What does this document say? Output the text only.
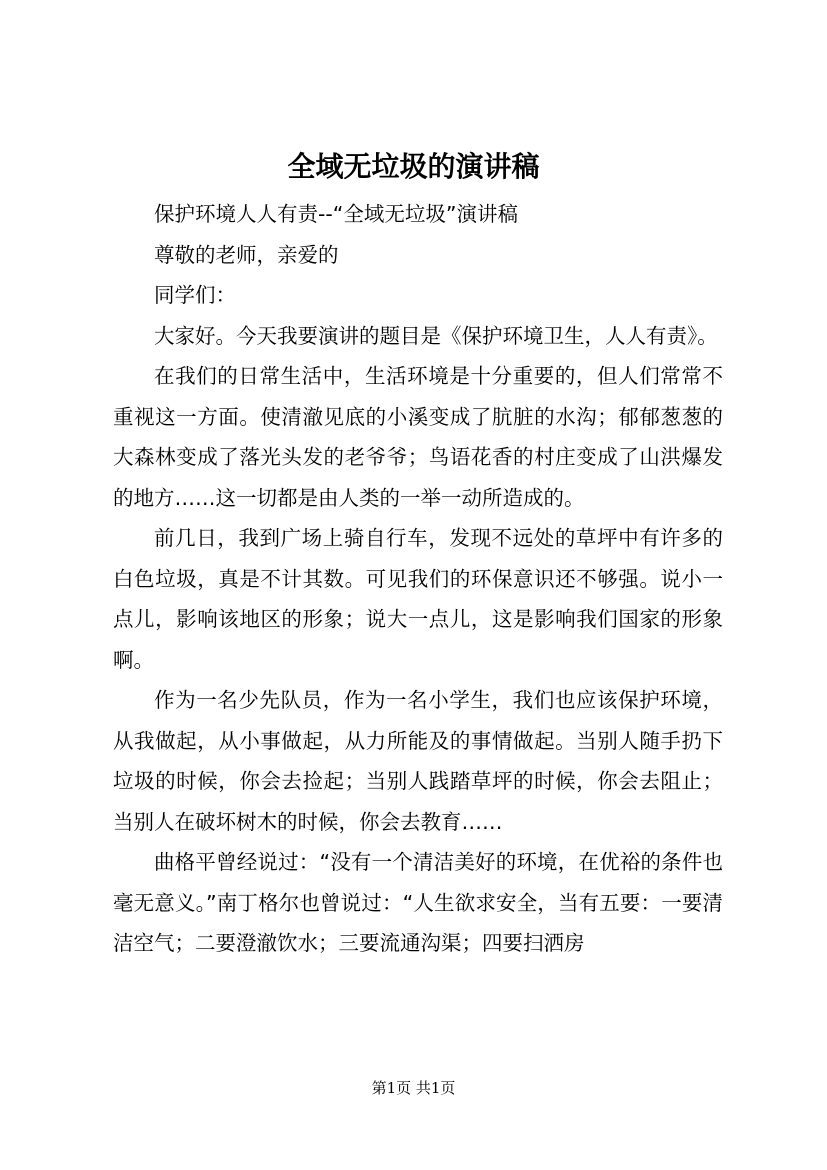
全域无垃圾的演讲稿

保护环境人人有责--“全域无垃圾”演讲稿

尊敬的老师，亲爱的

同学们：

大家好。今天我要演讲的题目是《保护环境卫生，人人有责》。

在我们的日常生活中，生活环境是十分重要的，但人们常常不重视这一方面。使清澈见底的小溪变成了肮脏的水沟；郁郁葱葱的大森林变成了落光头发的老爷爷；鸟语花香的村庄变成了山洪爆发的地方……这一切都是由人类的一举一动所造成的。

前几日，我到广场上骑自行车，发现不远处的草坪中有许多的白色垃圾，真是不计其数。可见我们的环保意识还不够强。说小一点儿，影响该地区的形象；说大一点儿，这是影响我们国家的形象啊。

作为一名少先队员，作为一名小学生，我们也应该保护环境，从我做起，从小事做起，从力所能及的事情做起。当别人随手扔下垃圾的时候，你会去捡起；当别人践踏草坪的时候，你会去阻止；当别人在破坏树木的时候，你会去教育……

曲格平曾经说过：“没有一个清洁美好的环境，在优裕的条件也毫无意义。”南丁格尔也曾说过：“人生欲求安全，当有五要：一要清洁空气；二要澄澈饮水；三要流通沟渠；四要扫洒房

第1页 共1页
